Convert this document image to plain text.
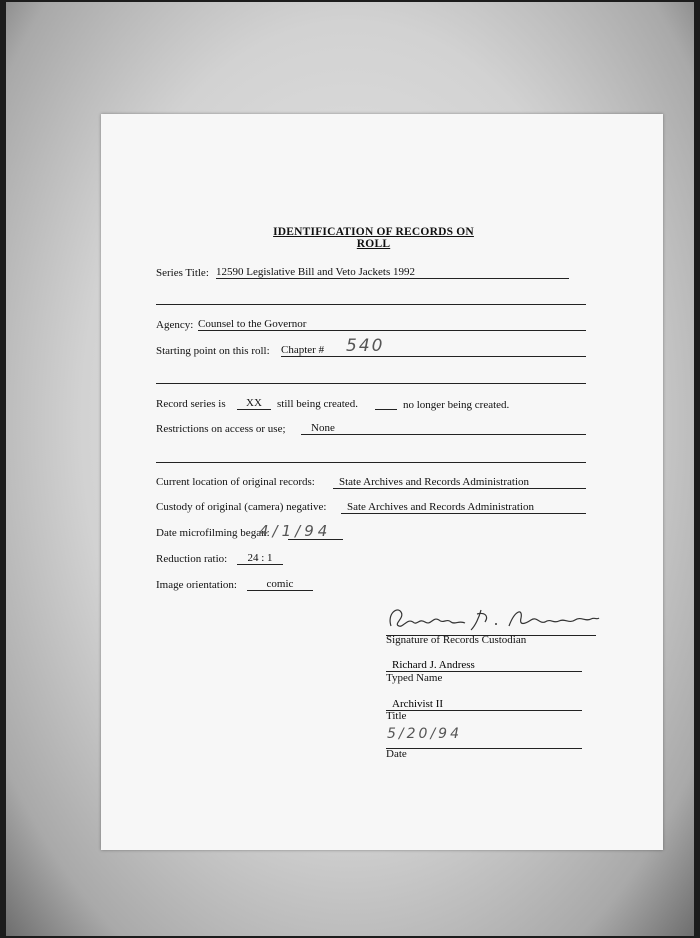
IDENTIFICATION OF RECORDS ON ROLL
Series Title: 12590 Legislative Bill and Veto Jackets 1992
Agency: Counsel to the Governor
Starting point on this roll: Chapter #	540
Record series is	XX	still being created.	no longer being created.
Restrictions on access or use;	None
Current location of original records:	State Archives and Records Administration
Custody of original (camera) negative:	Sate Archives and Records Administration
Date microfilming began:
4/1/94
Reduction ratio:	24 : 1
Image orientation:	comic
Signature of Records Custodian
Richard J. Andress
Typed Name
Archivist II
Title
5/20/94
Date
